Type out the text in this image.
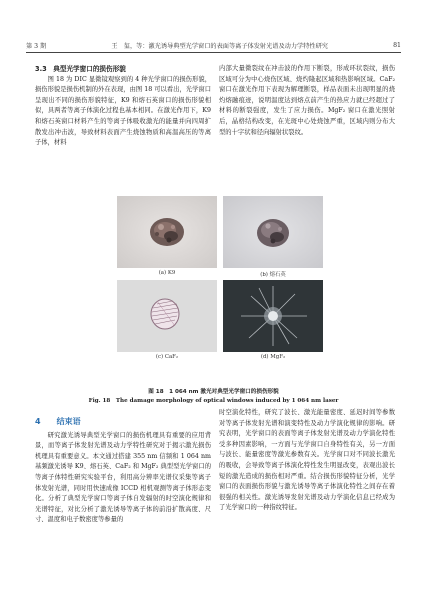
第 3 期	王　玺，等：激光诱导典型光学窗口的表面等离子体发射光谱及动力学特性研究	81
3.3　典型光学窗口的损伤形貌

图 18 为 DIC 显微镜观察到的 4 种光学窗口的损伤形貌，损伤形貌是损伤机制的外在表现，由图 18 可以看出，光学窗口呈现出不同的损伤形貌特征，K9 和熔石英窗口的损伤形貌相似，具两者等离子体演化过程也基本相同。在激光作用下，K9 和熔石英窗口材料产生的等离子体吸收激光的能量并向四周扩散发出冲击波，导致材料表面产生烧蚀物质和高温高压的等离子体，材料

内部大量微裂纹在冲击波的作用下断裂，形成环状裂纹，损伤区域可分为中心烧伤区域、烧灼隆起区域和热影响区域。CaF₂ 窗口在激光作用下表现为解理断裂，样品表面未出现明显的烧灼熔融痕迹，说明温度达到熔点前产生的热应力就已经超过了材料的断裂强度，发生了应力损伤。MgF₂ 窗口在激光照射后，晶格结构改变，在光斑中心处烧蚀严重，区域内则分布大型的十字状和径向辐射状裂纹。

(a) K9	(b) 熔石英
(c) CaF₂	(d) MgF₂
图 18　1 064 nm 激光对典型光学窗口的损伤形貌
Fig. 18　The damage morphology of optical windows induced by 1 064 nm laser
4 结束语

研究激光诱导典型光学窗口的损伤机理具有重要的应用背景，而等离子体发射光谱及动力学特性研究对于揭示激光损伤机理具有重要意义。本文通过搭建 355 nm 信频和 1 064 nm 基频激光诱导 K9、熔石英、CaF₂ 和 MgF₂ 典型型光学窗口的等离子体特性研究实验平台，利用高分辨率光谱仪采集等离子体发射光谱，同时用快速成像 ICCD 相机观测等离子体形态变化。分析了典型光学窗口等离子体自发辐射的时空演化规律和光谱特征，对比分析了激光诱导等离子体的前沿扩散高度、尺寸、温度和电子数密度等参量的

时空演化特性，研究了波长、激光能量密度、延迟时间等参数对等离子体发射光谱和演变特性及动力学演化规律的影响。研究表明，光学窗口的表面等离子体发射光谱及动力学演化特性受多种因素影响，一方面与光学窗口自身特性有关，另一方面与波长、能量密度等激光参数有关。光学窗口对不同波长激光的吸收，会导致等离子体演化特性发生明显改变，表观出波长短的激光造成的损伤相对严重。结合损伤形貌特征分析，光学窗口的表面损伤形貌与激光诱导等离子体演化特性之间存在着很强的相关性。激光诱导发射光谱及动力学演化信息已经成为了光学窗口的一种指纹特征。
